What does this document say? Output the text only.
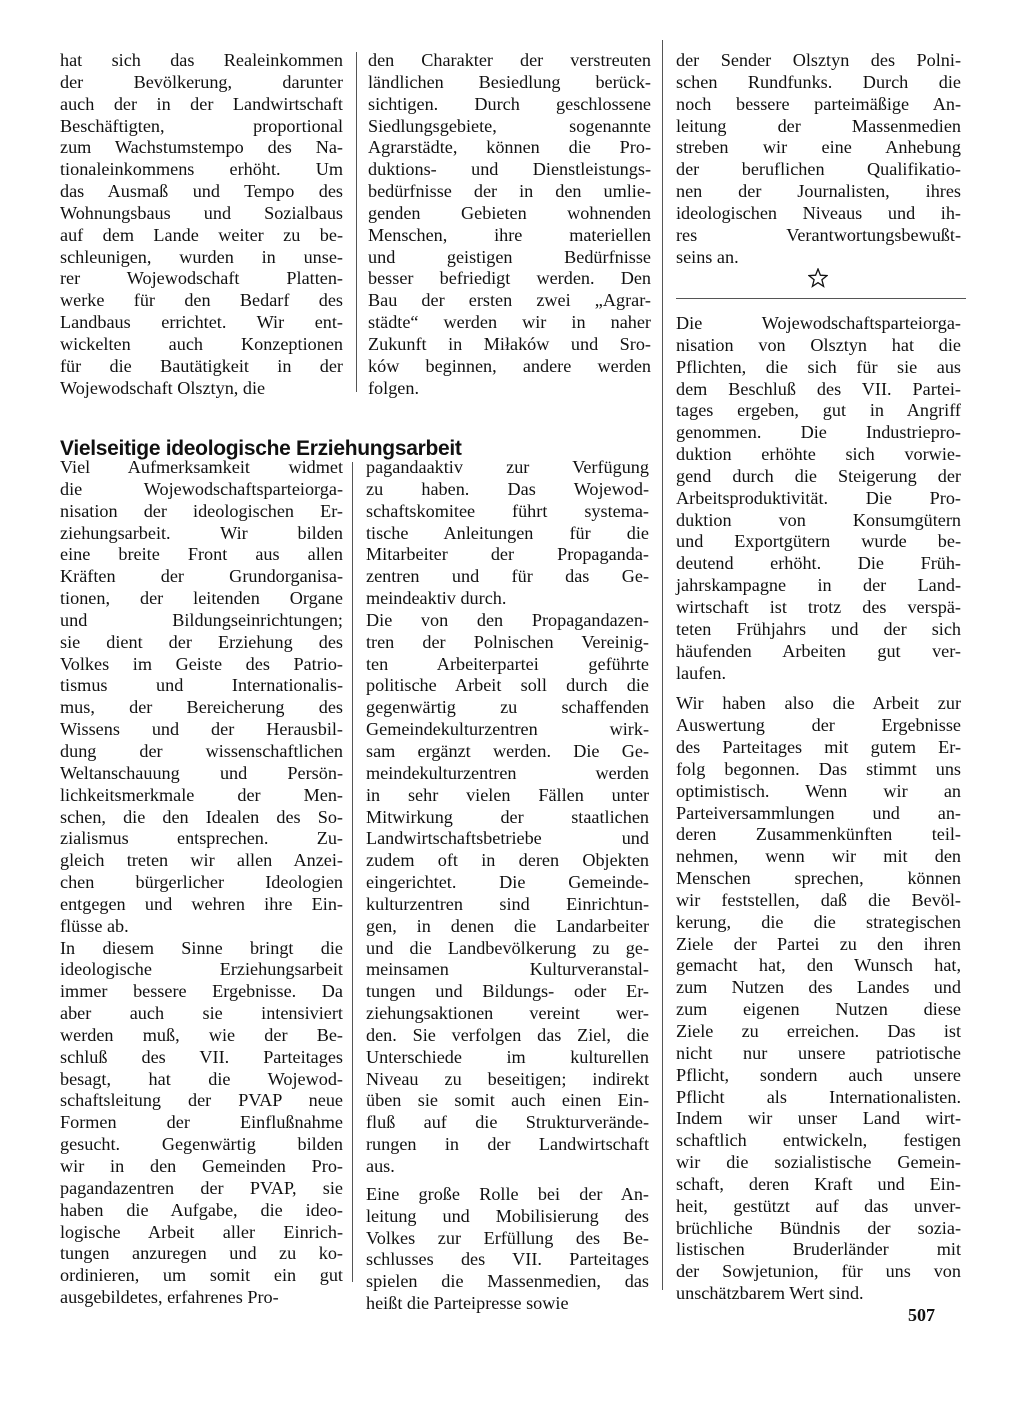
hat sich das Realeinkommen
der Bevölkerung, darunter
auch der in der Landwirtschaft
Beschäftigten, proportional
zum Wachstumstempo des Na-
tionaleinkommens erhöht. Um
das Ausmaß und Tempo des
Wohnungsbaus und Sozialbaus
auf dem Lande weiter zu be-
schleunigen, wurden in unse-
rer Wojewodschaft Platten-
werke für den Bedarf des
Landbaus errichtet. Wir ent-
wickelten auch Konzeptionen
für die Bautätigkeit in der
Wojewodschaft Olsztyn, die

den Charakter der verstreuten
ländlichen Besiedlung berück-
sichtigen. Durch geschlossene
Siedlungsgebiete, sogenannte
Agrarstädte, können die Pro-
duktions- und Dienstleistungs-
bedürfnisse der in den umlie-
genden Gebieten wohnenden
Menschen, ihre materiellen
und geistigen Bedürfnisse
besser befriedigt werden. Den
Bau der ersten zwei „Agrar-
städte“ werden wir in naher
Zukunft in Miłaków und Sro-
ków beginnen, andere werden
folgen.

Vielseitige ideologische Erziehungsarbeit

Viel Aufmerksamkeit widmet
die Wojewodschaftsparteiorga-
nisation der ideologischen Er-
ziehungsarbeit. Wir bilden
eine breite Front aus allen
Kräften der Grundorganisa-
tionen, der leitenden Organe
und Bildungseinrichtungen;
sie dient der Erziehung des
Volkes im Geiste des Patrio-
tismus und Internationalis-
mus, der Bereicherung des
Wissens und der Herausbil-
dung der wissenschaftlichen
Weltanschauung und Persön-
lichkeitsmerkmale der Men-
schen, die den Idealen des So-
zialismus entsprechen. Zu-
gleich treten wir allen Anzei-
chen bürgerlicher Ideologien
entgegen und wehren ihre Ein-
flüsse ab.

In diesem Sinne bringt die
ideologische Erziehungsarbeit
immer bessere Ergebnisse. Da
aber auch sie intensiviert
werden muß, wie der Be-
schluß des VII. Parteitages
besagt, hat die Wojewod-
schaftsleitung der PVAP neue
Formen der Einflußnahme
gesucht. Gegenwärtig bilden
wir in den Gemeinden Pro-
pagandazentren der PVAP, sie
haben die Aufgabe, die ideo-
logische Arbeit aller Einrich-
tungen anzuregen und zu ko-
ordinieren, um somit ein gut
ausgebildetes, erfahrenes Pro-

pagandaaktiv zur Verfügung
zu haben. Das Wojewod-
schaftskomitee führt systema-
tische Anleitungen für die
Mitarbeiter der Propaganda-
zentren und für das Ge-
meindeaktiv durch.

Die von den Propagandazen-
tren der Polnischen Vereinig-
ten Arbeiterpartei geführte
politische Arbeit soll durch die
gegenwärtig zu schaffenden
Gemeindekulturzentren wirk-
sam ergänzt werden. Die Ge-
meindekulturzentren werden
in sehr vielen Fällen unter
Mitwirkung der staatlichen
Landwirtschaftsbetriebe und
zudem oft in deren Objekten
eingerichtet. Die Gemeinde-
kulturzentren sind Einrichtun-
gen, in denen die Landarbeiter
und die Landbevölkerung zu ge-
meinsamen Kulturveranstal-
tungen und Bildungs- oder Er-
ziehungsaktionen vereint wer-
den. Sie verfolgen das Ziel, die
Unterschiede im kulturellen
Niveau zu beseitigen; indirekt
üben sie somit auch einen Ein-
fluß auf die Strukturverände-
rungen in der Landwirtschaft
aus.

Eine große Rolle bei der An-
leitung und Mobilisierung des
Volkes zur Erfüllung des Be-
schlusses des VII. Parteitages
spielen die Massenmedien, das
heißt die Parteipresse sowie

der Sender Olsztyn des Polni-
schen Rundfunks. Durch die
noch bessere parteimäßige An-
leitung der Massenmedien
streben wir eine Anhebung
der beruflichen Qualifikatio-
nen der Journalisten, ihres
ideologischen Niveaus und ih-
res Verantwortungsbewußt-
seins an.

Die Wojewodschaftsparteiorga-
nisation von Olsztyn hat die
Pflichten, die sich für sie aus
dem Beschluß des VII. Partei-
tages ergeben, gut in Angriff
genommen. Die Industriepro-
duktion erhöhte sich vorwie-
gend durch die Steigerung der
Arbeitsproduktivität. Die Pro-
duktion von Konsumgütern
und Exportgütern wurde be-
deutend erhöht. Die Früh-
jahrskampagne in der Land-
wirtschaft ist trotz des verspä-
teten Frühjahrs und der sich
häufenden Arbeiten gut ver-
laufen.

Wir haben also die Arbeit zur
Auswertung der Ergebnisse
des Parteitages mit gutem Er-
folg begonnen. Das stimmt uns
optimistisch. Wenn wir an
Parteiversammlungen und an-
deren Zusammenkünften teil-
nehmen, wenn wir mit den
Menschen sprechen, können
wir feststellen, daß die Bevöl-
kerung, die die strategischen
Ziele der Partei zu den ihren
gemacht hat, den Wunsch hat,
zum Nutzen des Landes und
zum eigenen Nutzen diese
Ziele zu erreichen. Das ist
nicht nur unsere patriotische
Pflicht, sondern auch unsere
Pflicht als Internationalisten.
Indem wir unser Land wirt-
schaftlich entwickeln, festigen
wir die sozialistische Gemein-
schaft, deren Kraft und Ein-
heit, gestützt auf das unver-
brüchliche Bündnis der sozia-
listischen Bruderländer mit
der Sowjetunion, für uns von
unschätzbarem Wert sind.

507
